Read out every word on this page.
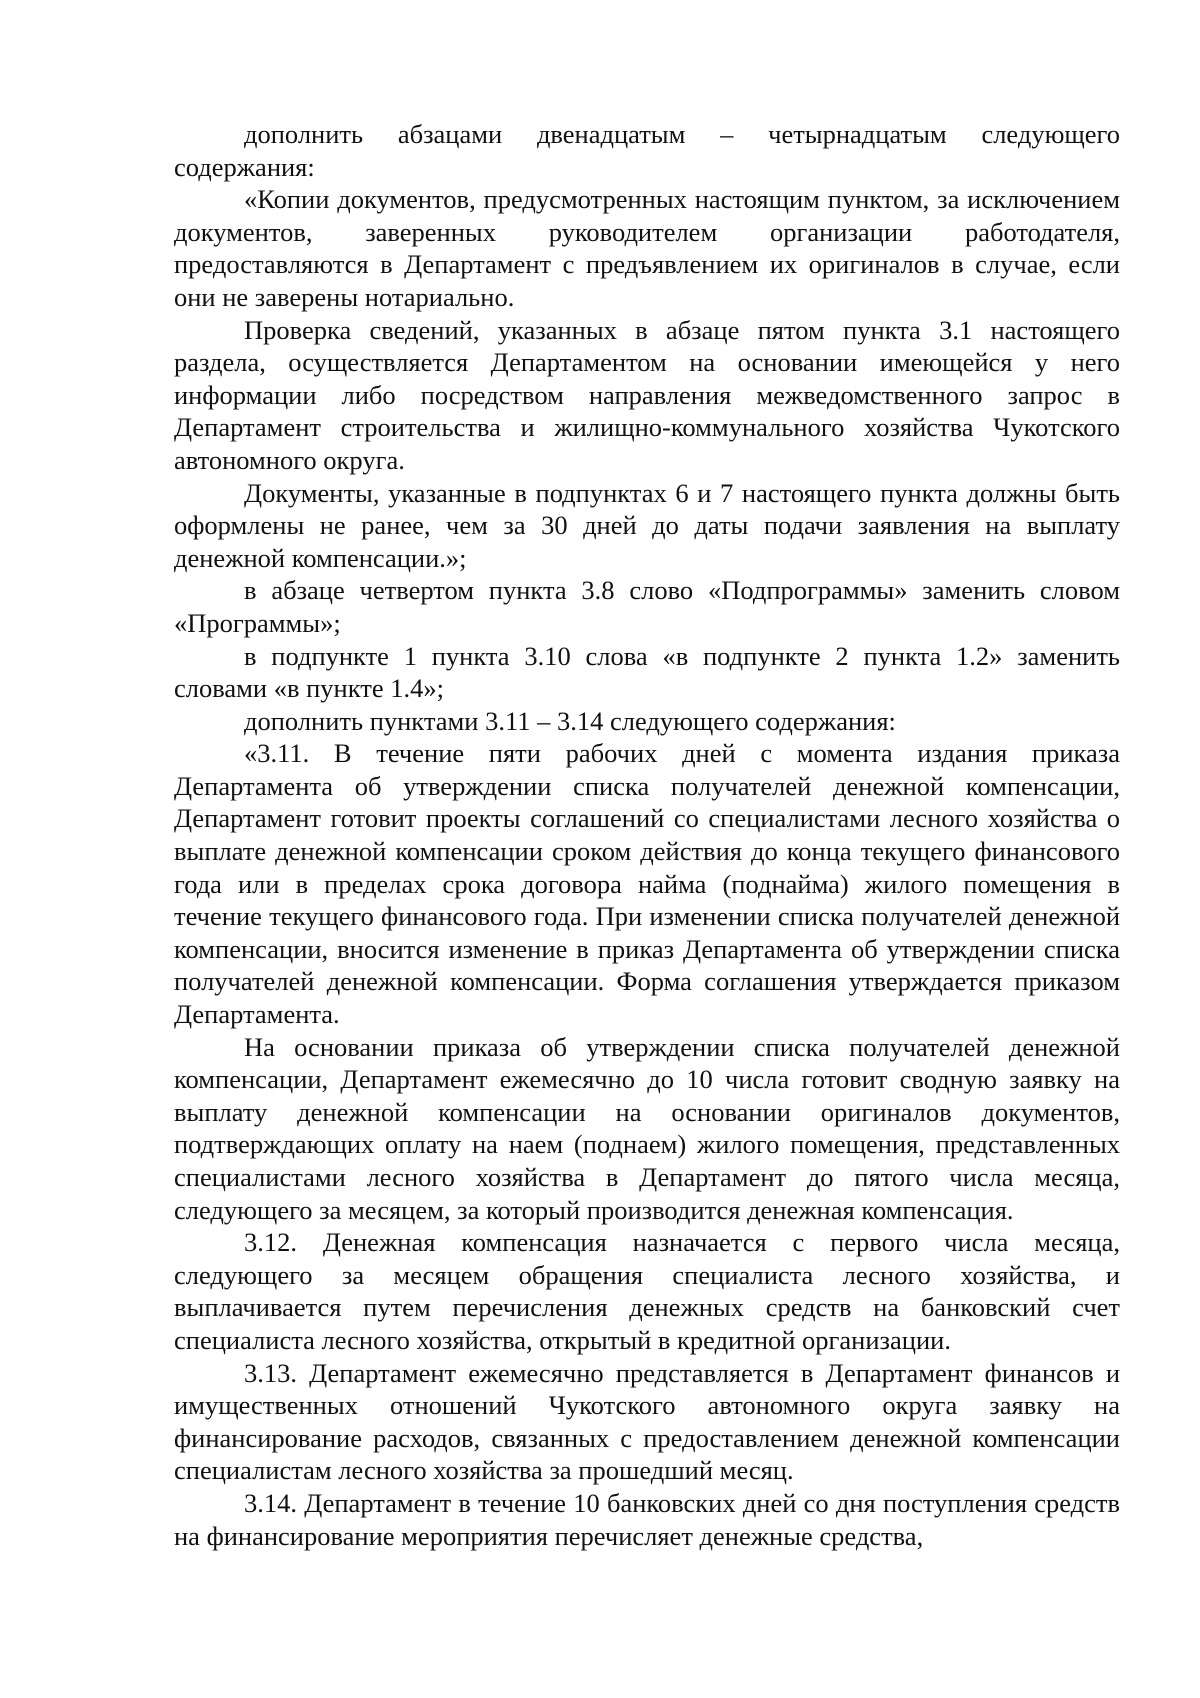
дополнить абзацами двенадцатым – четырнадцатым следующего содержания:

«Копии документов, предусмотренных настоящим пунктом, за исключением документов, заверенных руководителем организации работодателя, предоставляются в Департамент с предъявлением их оригиналов в случае, если они не заверены нотариально.

Проверка сведений, указанных в абзаце пятом пункта 3.1 настоящего раздела, осуществляется Департаментом на основании имеющейся у него информации либо посредством направления межведомственного запрос в Департамент строительства и жилищно-коммунального хозяйства Чукотского автономного округа.

Документы, указанные в подпунктах 6 и 7 настоящего пункта должны быть оформлены не ранее, чем за 30 дней до даты подачи заявления на выплату денежной компенсации.»;

в абзаце четвертом пункта 3.8 слово «Подпрограммы» заменить словом «Программы»;

в подпункте 1 пункта 3.10 слова «в подпункте 2 пункта 1.2» заменить словами «в пункте 1.4»;

дополнить пунктами 3.11 – 3.14 следующего содержания:

«3.11. В течение пяти рабочих дней с момента издания приказа Департамента об утверждении списка получателей денежной компенсации, Департамент готовит проекты соглашений со специалистами лесного хозяйства о выплате денежной компенсации сроком действия до конца текущего финансового года или в пределах срока договора найма (поднайма) жилого помещения в течение текущего финансового года. При изменении списка получателей денежной компенсации, вносится изменение в приказ Департамента об утверждении списка получателей денежной компенсации. Форма соглашения утверждается приказом Департамента.

На основании приказа об утверждении списка получателей денежной компенсации, Департамент ежемесячно до 10 числа готовит сводную заявку на выплату денежной компенсации на основании оригиналов документов, подтверждающих оплату на наем (поднаем) жилого помещения, представленных специалистами лесного хозяйства в Департамент до пятого числа месяца, следующего за месяцем, за который производится денежная компенсация.

3.12. Денежная компенсация назначается с первого числа месяца, следующего за месяцем обращения специалиста лесного хозяйства, и выплачивается путем перечисления денежных средств на банковский счет специалиста лесного хозяйства, открытый в кредитной организации.

3.13. Департамент ежемесячно представляется в Департамент финансов и имущественных отношений Чукотского автономного округа заявку на финансирование расходов, связанных с предоставлением денежной компенсации специалистам лесного хозяйства за прошедший месяц.

3.14. Департамент в течение 10 банковских дней со дня поступления средств на финансирование мероприятия перечисляет денежные средства,
